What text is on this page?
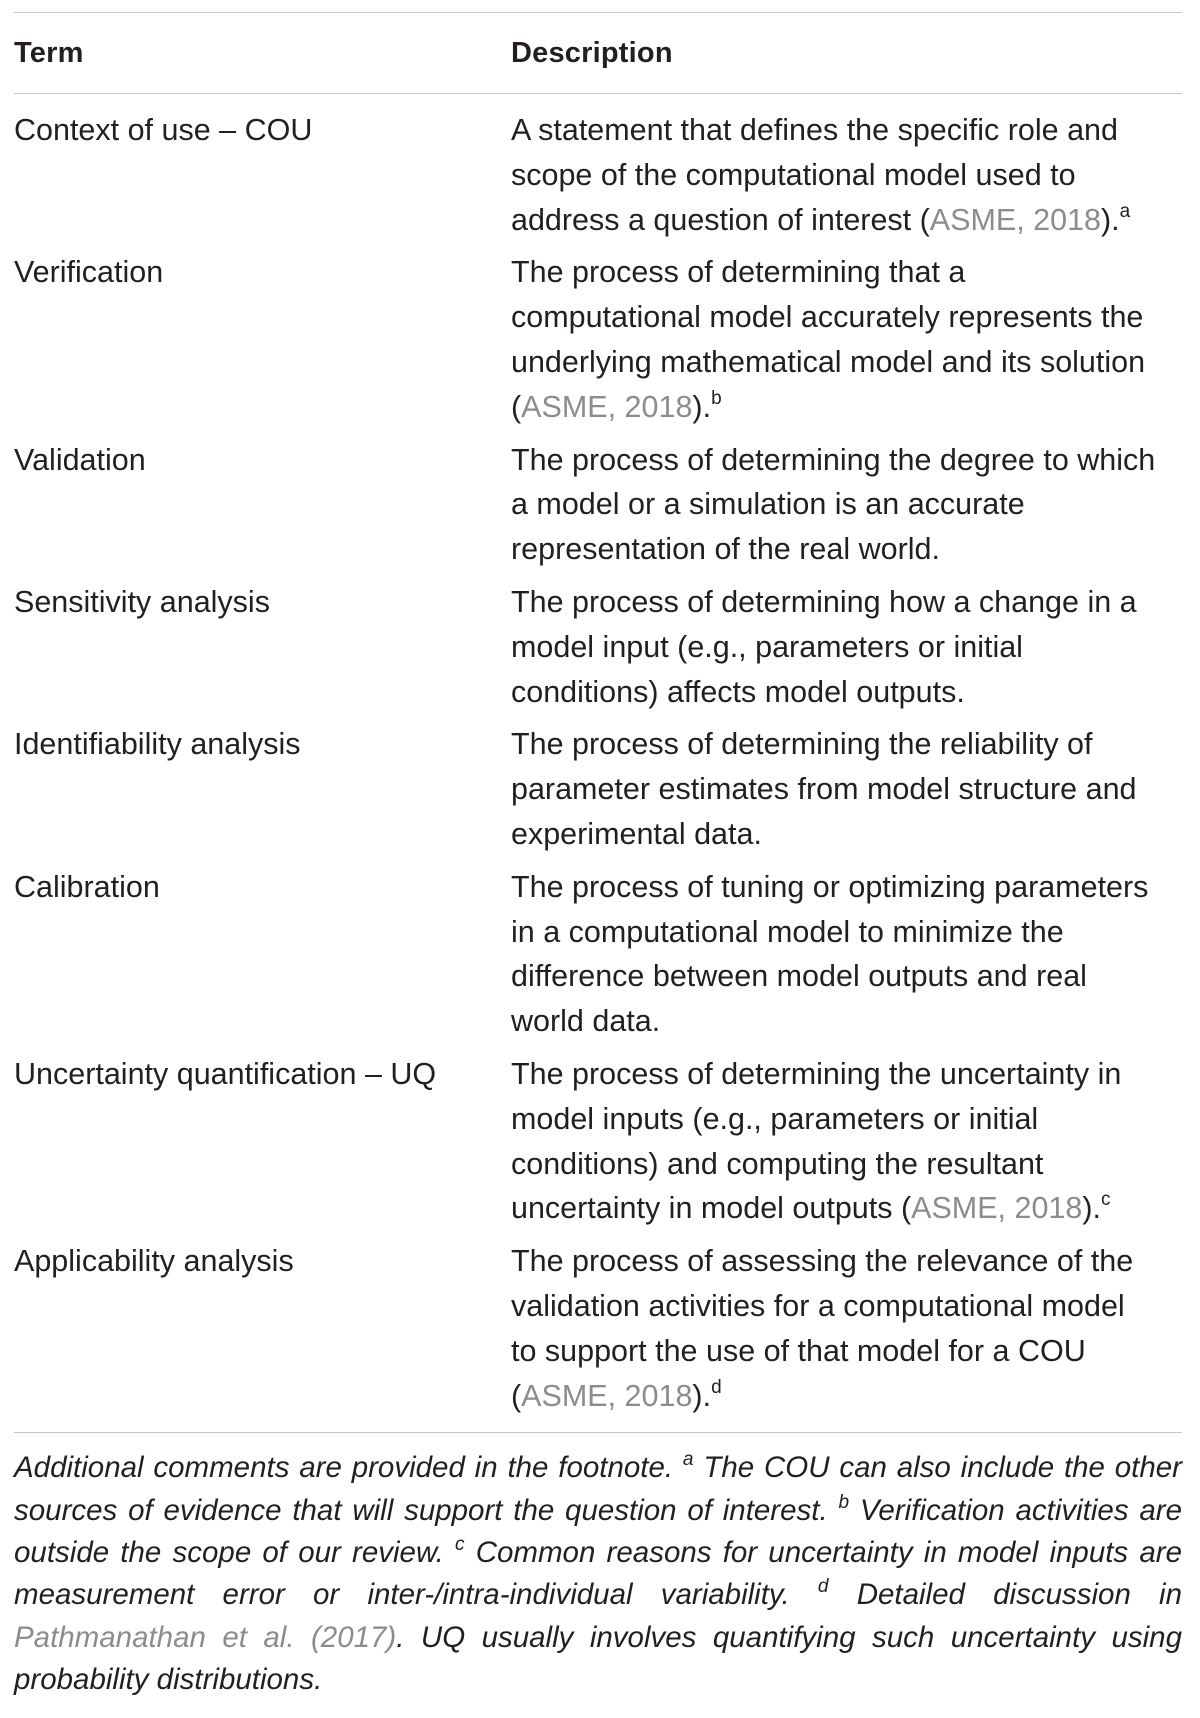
Term	Description
Context of use – COU	A statement that defines the specific role and
scope of the computational model used to
address a question of interest (ASME, 2018).$^a$
Verification	The process of determining that a
computational model accurately represents the
underlying mathematical model and its solution
(ASME, 2018).$^b$
Validation	The process of determining the degree to which
a model or a simulation is an accurate
representation of the real world.
Sensitivity analysis	The process of determining how a change in a
model input (e.g., parameters or initial
conditions) affects model outputs.
Identifiability analysis	The process of determining the reliability of
parameter estimates from model structure and
experimental data.
Calibration	The process of tuning or optimizing parameters
in a computational model to minimize the
difference between model outputs and real
world data.
Uncertainty quantification – UQ	The process of determining the uncertainty in
model inputs (e.g., parameters or initial
conditions) and computing the resultant
uncertainty in model outputs (ASME, 2018).$^c$
Applicability analysis	The process of assessing the relevance of the
validation activities for a computational model
to support the use of that model for a COU
(ASME, 2018).$^d$
Additional comments are provided in the footnote. $^a$ The COU can also include the other sources of evidence that will support the question of interest. $^b$ Verification activities are outside the scope of our review. $^c$ Common reasons for uncertainty in model inputs are measurement error or inter-/intra-individual variability. $^d$ Detailed discussion in Pathmanathan et al. (2017). UQ usually involves quantifying such uncertainty using probability distributions.
